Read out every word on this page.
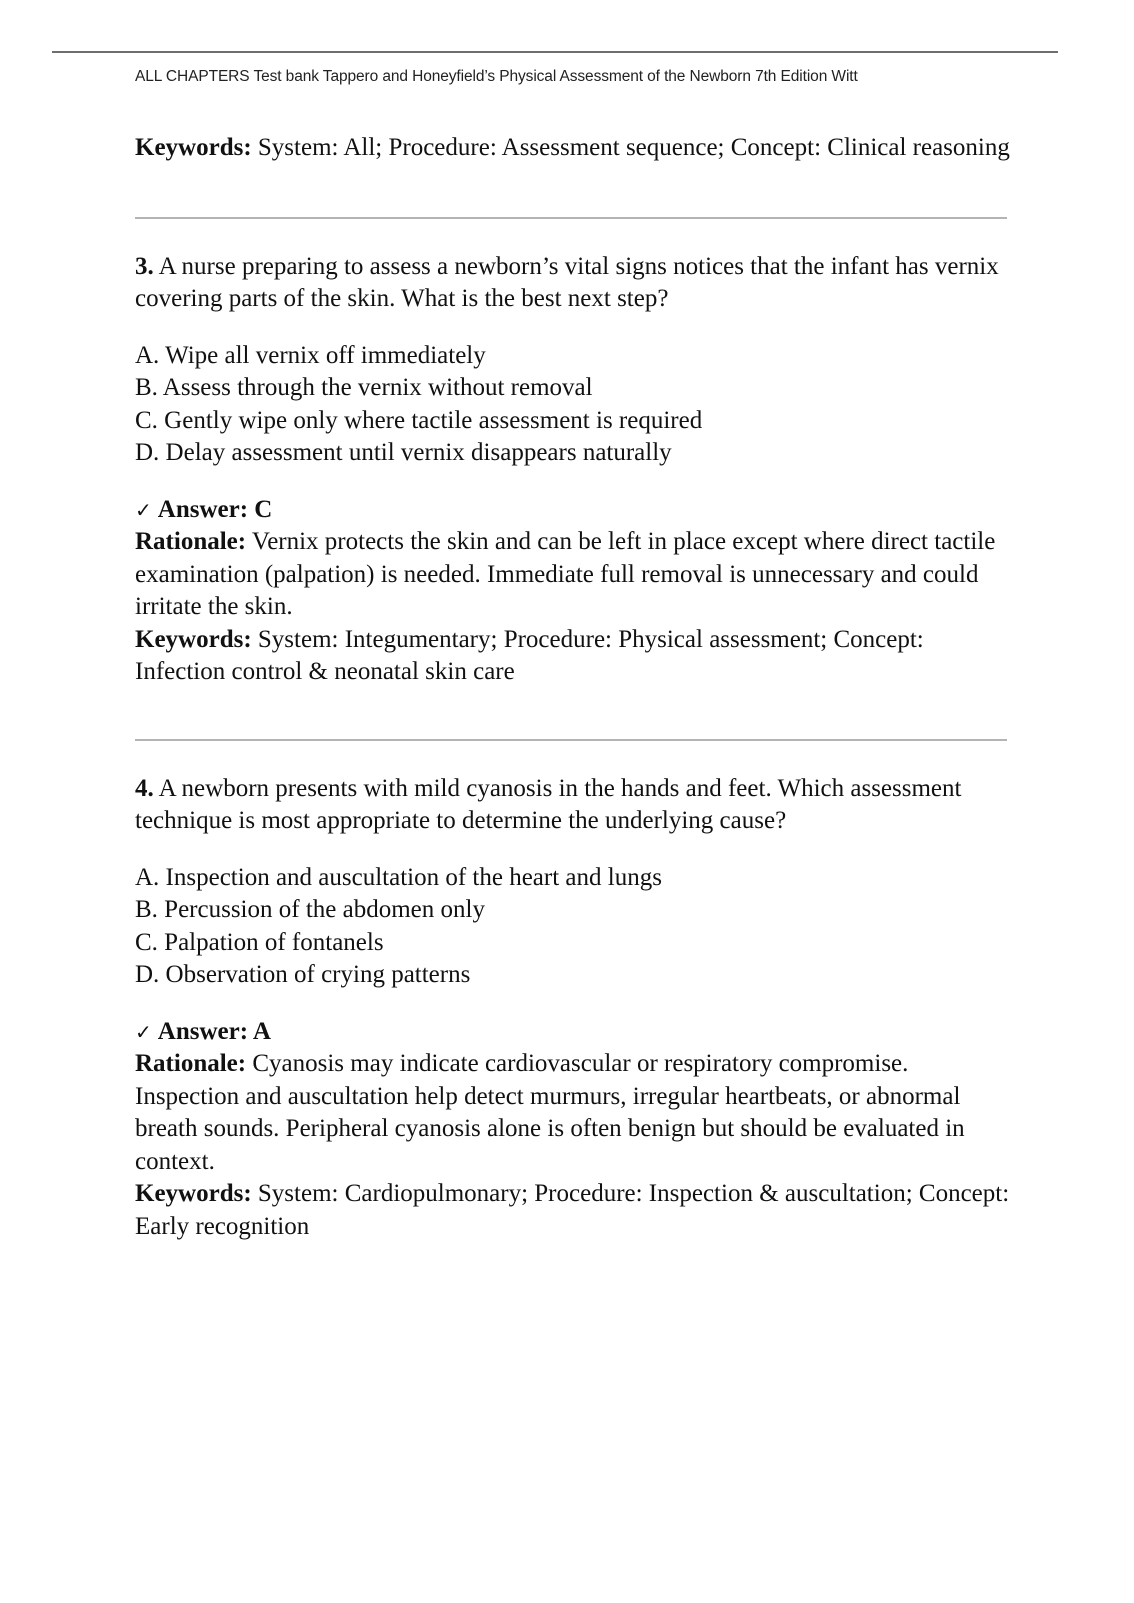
ALL CHAPTERS Test bank Tappero and Honeyfield’s Physical Assessment of the Newborn 7th Edition Witt

Keywords: System: All; Procedure: Assessment sequence; Concept: Clinical reasoning

3. A nurse preparing to assess a newborn’s vital signs notices that the infant has vernix covering parts of the skin. What is the best next step?

A. Wipe all vernix off immediately

B. Assess through the vernix without removal

C. Gently wipe only where tactile assessment is required

D. Delay assessment until vernix disappears naturally

✓ Answer: C

Rationale: Vernix protects the skin and can be left in place except where direct tactile examination (palpation) is needed. Immediate full removal is unnecessary and could irritate the skin.

Keywords: System: Integumentary; Procedure: Physical assessment; Concept: Infection control & neonatal skin care

4. A newborn presents with mild cyanosis in the hands and feet. Which assessment technique is most appropriate to determine the underlying cause?

A. Inspection and auscultation of the heart and lungs

B. Percussion of the abdomen only

C. Palpation of fontanels

D. Observation of crying patterns

✓ Answer: A

Rationale: Cyanosis may indicate cardiovascular or respiratory compromise. Inspection and auscultation help detect murmurs, irregular heartbeats, or abnormal breath sounds. Peripheral cyanosis alone is often benign but should be evaluated in context.

Keywords: System: Cardiopulmonary; Procedure: Inspection & auscultation; Concept: Early recognition
